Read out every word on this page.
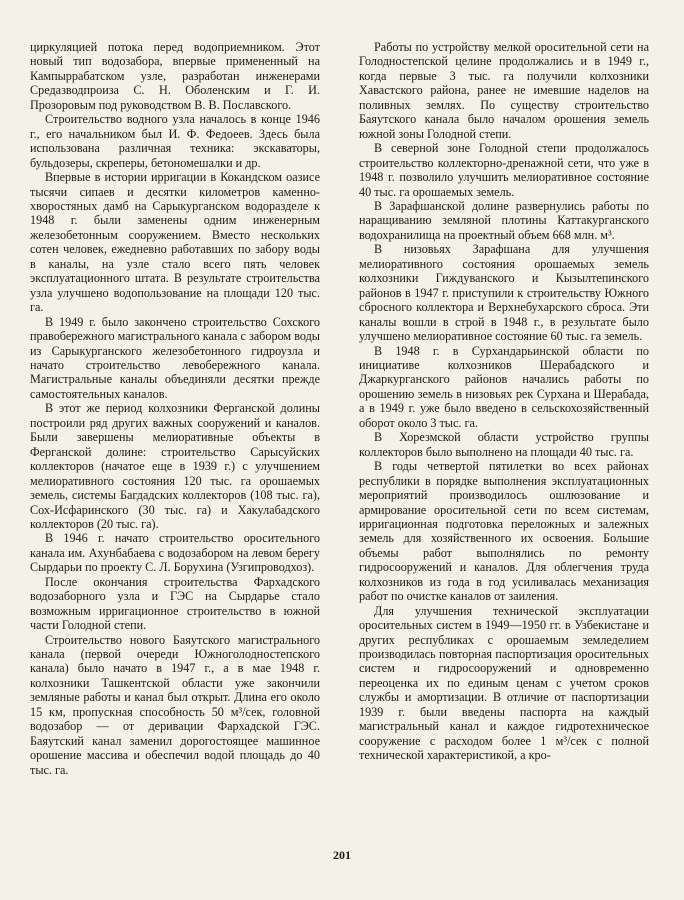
циркуляцией потока перед водоприемником. Этот новый тип водозабора, впервые примененный на Кампыррабатском узле, разработан инженерами Средазводпроиза С. Н. Оболенским и Г. И. Прозоровым под руководством В. В. Пославского.

Строительство водного узла началось в конце 1946 г., его начальником был И. Ф. Федоеев. Здесь была использована различная техника: экскаваторы, бульдозеры, скреперы, бетономешалки и др.

Впервые в истории ирригации в Кокандском оазисе тысячи сипаев и десятки километров каменно-хворостяных дамб на Сарыкурганском водоразделе к 1948 г. были заменены одним инженерным железобетонным сооружением. Вместо нескольких сотен человек, ежедневно работавших по забору воды в каналы, на узле стало всего пять человек эксплуатационного штата. В результате строительства узла улучшено водопользование на площади 120 тыс. га.

В 1949 г. было закончено строительство Сохского правобережного магистрального канала с забором воды из Сарыкурганского железобетонного гидроузла и начато строительство левобережного канала. Магистральные каналы объединяли десятки прежде самостоятельных каналов.

В этот же период колхозники Ферганской долины построили ряд других важных сооружений и каналов. Были завершены мелиоративные объекты в Ферганской долине: строительство Сарысуйских коллекторов (начатое еще в 1939 г.) с улучшением мелиоративного состояния 120 тыс. га орошаемых земель, системы Багдадских коллекторов (108 тыс. га), Сох-Исфаринского (30 тыс. га) и Хакулабадского коллекторов (20 тыс. га).

В 1946 г. начато строительство оросительного канала им. Ахунбабаева с водозабором на левом берегу Сырдарьи по проекту С. Л. Борухина (Узгипроводхоз).

После окончания строительства Фархадского водозаборного узла и ГЭС на Сырдарье стало возможным ирригационное строительство в южной части Голодной степи.

Строительство нового Баяутского магистрального канала (первой очереди Южноголодностепского канала) было начато в 1947 г., а в мае 1948 г. колхозники Ташкентской области уже закончили земляные работы и канал был открыт. Длина его около 15 км, пропускная способность 50 м³/сек, головной водозабор — от деривации Фархадской ГЭС. Баяутский канал заменил дорогостоящее машинное орошение массива и обеспечил водой площадь до 40 тыс. га.

Работы по устройству мелкой оросительной сети на Голодностепской целине продолжались и в 1949 г., когда первые 3 тыс. га получили колхозники Хавастского района, ранее не имевшие наделов на поливных землях. По существу строительство Баяутского канала было началом орошения земель южной зоны Голодной степи.

В северной зоне Голодной степи продолжалось строительство коллекторно-дренажной сети, что уже в 1948 г. позволило улучшить мелиоративное состояние 40 тыс. га орошаемых земель.

В Зарафшанской долине развернулись работы по наращиванию земляной плотины Каттакурганского водохранилища на проектный объем 668 млн. м³.

В низовьях Зарафшана для улучшения мелиоративного состояния орошаемых земель колхозники Гиждуванского и Кызылтепинского районов в 1947 г. приступили к строительству Южного сбросного коллектора и Верхнебухарского сброса. Эти каналы вошли в строй в 1948 г., в результате было улучшено мелиоративное состояние 60 тыс. га земель.

В 1948 г. в Сурхандарьинской области по инициативе колхозников Шерабадского и Джаркурганского районов начались работы по орошению земель в низовьях рек Сурхана и Шерабада, а в 1949 г. уже было введено в сельскохозяйственный оборот около 3 тыс. га.

В Хорезмской области устройство группы коллекторов было выполнено на площади 40 тыс. га.

В годы четвертой пятилетки во всех районах республики в порядке выполнения эксплуатационных мероприятий производилось ошлюзование и армирование оросительной сети по всем системам, ирригационная подготовка переложных и залежных земель для хозяйственного их освоения. Большие объемы работ выполнялись по ремонту гидросооружений и каналов. Для облегчения труда колхозников из года в год усиливалась механизация работ по очистке каналов от заиления.

Для улучшения технической эксплуатации оросительных систем в 1949—1950 гг. в Узбекистане и других республиках с орошаемым земледелием производилась повторная паспортизация оросительных систем и гидросооружений и одновременно переоценка их по единым ценам с учетом сроков службы и амортизации. В отличие от паспортизации 1939 г. были введены паспорта на каждый магистральный канал и каждое гидротехническое сооружение с расходом более 1 м³/сек с полной технической характеристикой, а кро-

201
